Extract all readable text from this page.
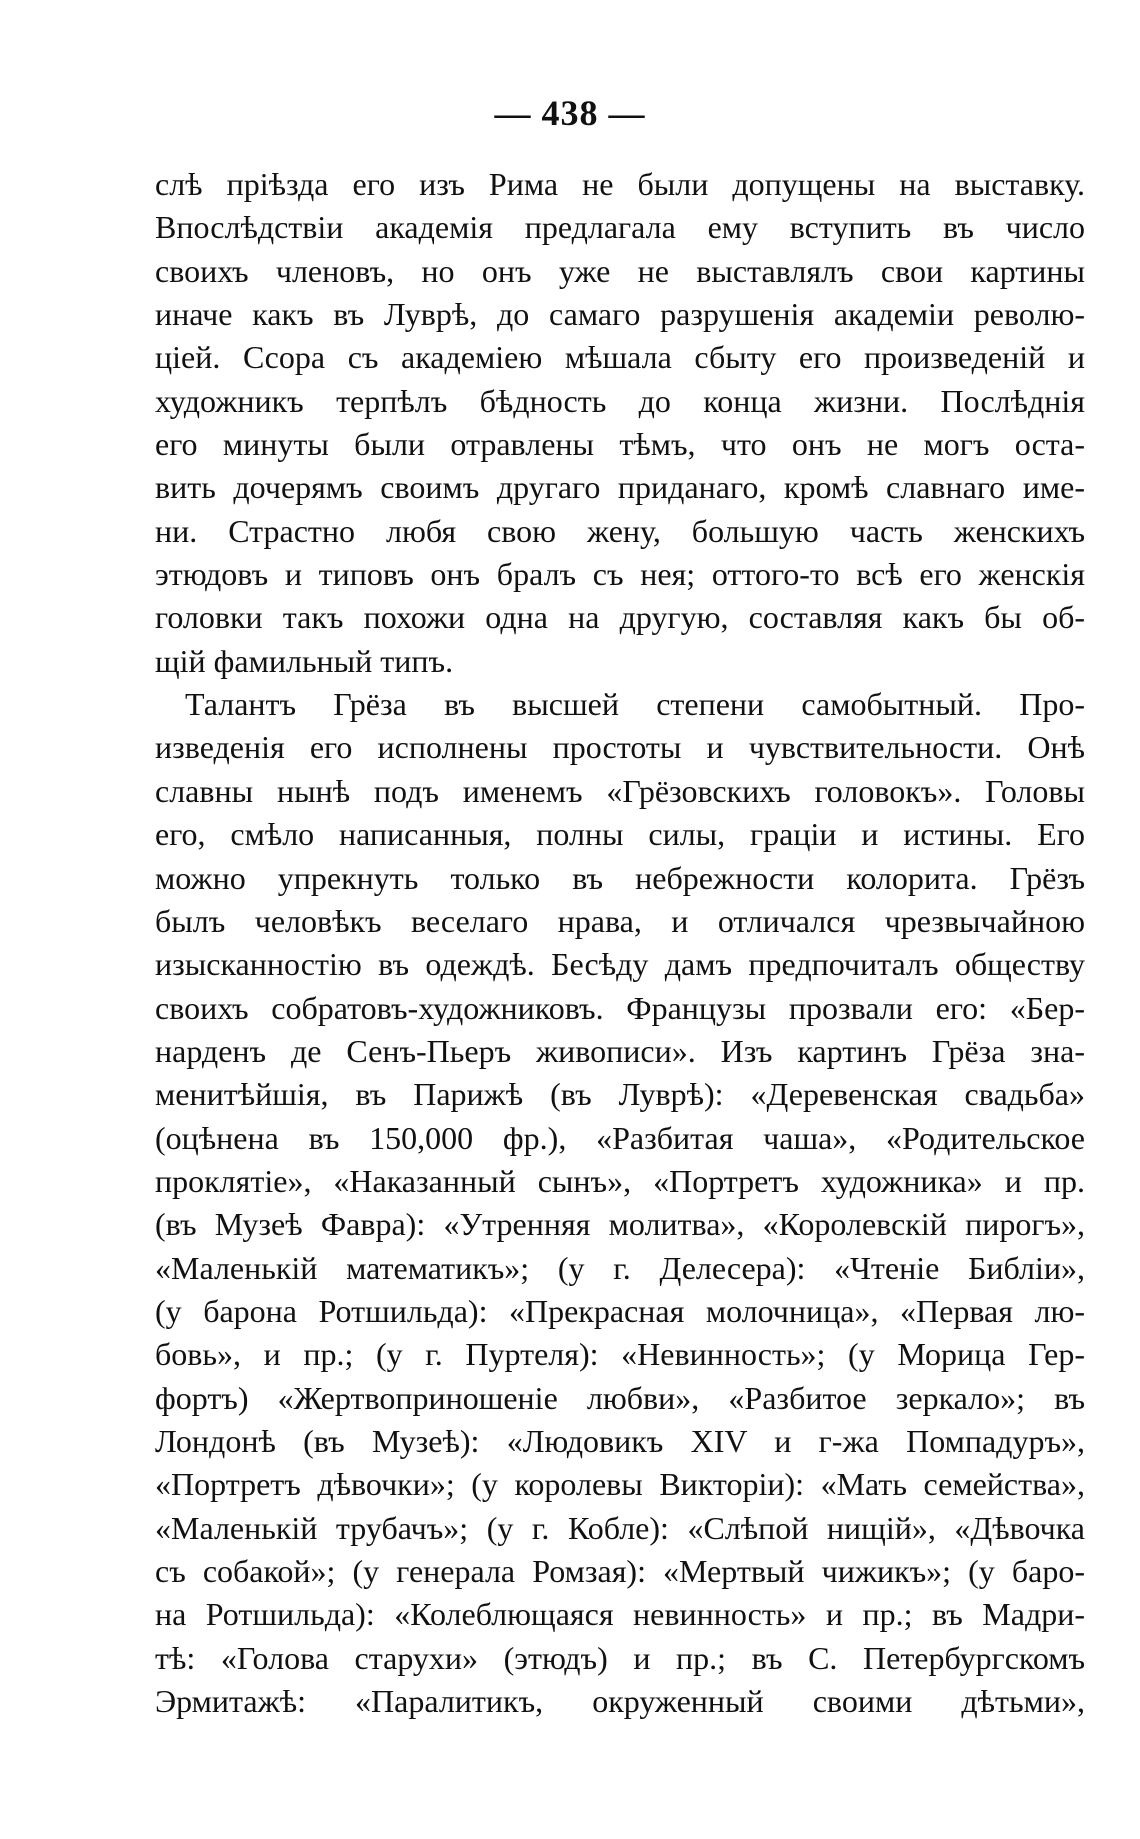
— 438 —
слѣ пріѣзда его изъ Рима не были допущены на выставку.
Впослѣдствіи академія предлагала ему вступить въ число
своихъ членовъ, но онъ уже не выставлялъ свои картины
иначе какъ въ Луврѣ, до самаго разрушенія академіи револю-
ціей. Ссора съ академіею мѣшала сбыту его произведеній и
художникъ терпѣлъ бѣдность до конца жизни. Послѣднія
его минуты были отравлены тѣмъ, что онъ не могъ оста-
вить дочерямъ своимъ другаго приданаго, кромѣ славнаго име-
ни. Страстно любя свою жену, большую часть женскихъ
этюдовъ и типовъ онъ бралъ съ нея; оттого-то всѣ его женскія
головки такъ похожи одна на другую, составляя какъ бы об-
щій фамильный типъ.
Талантъ Грёза въ высшей степени самобытный. Про-
изведенія его исполнены простоты и чувствительности. Онѣ
славны нынѣ подъ именемъ «Грёзовскихъ головокъ». Головы
его, смѣло написанныя, полны силы, граціи и истины. Его
можно упрекнуть только въ небрежности колорита. Грёзъ
былъ человѣкъ веселаго нрава, и отличался чрезвычайною
изысканностію въ одеждѣ. Бесѣду дамъ предпочиталъ обществу
своихъ собратовъ-художниковъ. Французы прозвали его: «Бер-
нарденъ де Сенъ-Пьеръ живописи». Изъ картинъ Грёза зна-
менитѣйшія, въ Парижѣ (въ Луврѣ): «Деревенская свадьба»
(оцѣнена въ 150,000 фр.), «Разбитая чаша», «Родительское
проклятіе», «Наказанный сынъ», «Портретъ художника» и пр.
(въ Музеѣ Фавра): «Утренняя молитва», «Королевскій пирогъ»,
«Маленькій математикъ»; (у г. Делесера): «Чтеніе Библіи»,
(у барона Ротшильда): «Прекрасная молочница», «Первая лю-
бовь», и пр.; (у г. Пуртеля): «Невинность»; (у Морица Гер-
фортъ) «Жертвоприношеніе любви», «Разбитое зеркало»; въ
Лондонѣ (въ Музеѣ): «Людовикъ XIV и г-жа Помпадуръ»,
«Портретъ дѣвочки»; (у королевы Викторіи): «Мать семейства»,
«Маленькій трубачъ»; (у г. Кобле): «Слѣпой нищій», «Дѣвочка
съ собакой»; (у генерала Ромзая): «Мертвый чижикъ»; (у баро-
на Ротшильда): «Колеблющаяся невинность» и пр.; въ Мадри-
тѣ: «Голова старухи» (этюдъ) и пр.; въ С. Петербургскомъ
Эрмитажѣ: «Паралитикъ, окруженный своими дѣтьми»,
